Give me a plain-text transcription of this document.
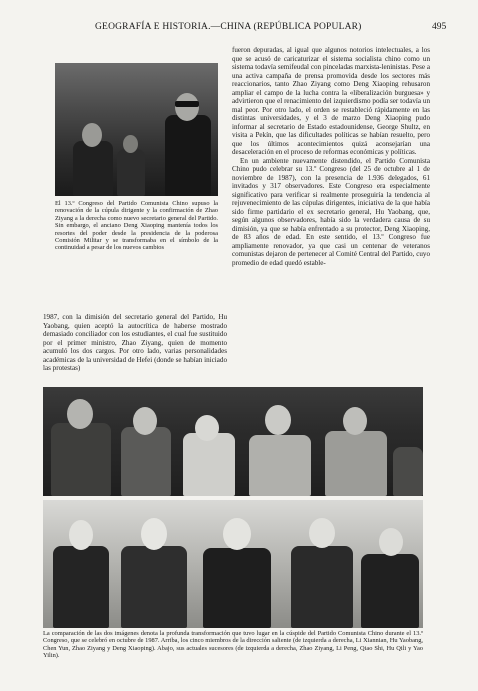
GEOGRAFÍA E HISTORIA.—CHINA (REPÚBLICA POPULAR)	495
El 13.º Congreso del Partido Comunista Chino supuso la renovación de la cúpula dirigente y la confirmación de Zhao Ziyang a la derecha como nuevo secretario general del Partido. Sin embargo, el anciano Deng Xiaoping mantenía todos los resortes del poder desde la presidencia de la poderosa Comisión Militar y se transformaba en el símbolo de la continuidad a pesar de los nuevos cambios

1987, con la dimisión del secretario general del Partido, Hu Yaobang, quien aceptó la autocrítica de haberse mostrado demasiado conciliador con los estudiantes, el cual fue sustituido por el primer ministro, Zhao Ziyang, quien de momento acumuló los dos cargos. Por otro lado, varias personalidades académicas de la universidad de Hefei (donde se habían iniciado las protestas)

fueron depuradas, al igual que algunos notorios intelectuales, a los que se acusó de caricaturizar el sistema socialista chino como un sistema todavía semifeudal con pinceladas marxista-leninistas. Pese a una activa campaña de prensa promovida desde los sectores más reaccionarios, tanto Zhao Ziyang como Deng Xiaoping rehusaron ampliar el campo de la lucha contra la «liberalización burguesa» y advirtieron que el renacimiento del izquierdismo podía ser todavía un mal peor. Por otro lado, el orden se restableció rápidamente en las distintas universidades, y el 3 de marzo Deng Xiaoping pudo informar al secretario de Estado estadounidense, George Shultz, en visita a Pekín, que las dificultades políticas se habían resuelto, pero que los últimos acontecimientos quizá aconsejarían una desaceleración en el proceso de reformas económicas y políticas.

En un ambiente nuevamente distendido, el Partido Comunista Chino pudo celebrar su 13.º Congreso (del 25 de octubre al 1 de noviembre de 1987), con la presencia de 1.936 delegados, 61 invitados y 317 observadores. Este Congreso era especialmente significativo para verificar si realmente proseguiría la tendencia al rejuvenecimiento de las cúpulas dirigentes, iniciativa de la que había sido firme partidario el ex secretario general, Hu Yaobang, que, según algunos observadores, había sido la verdadera causa de su dimisión, ya que se había enfrentado a su protector, Deng Xiaoping, de 83 años de edad. En este sentido, el 13.º Congreso fue ampliamente renovador, ya que casi un centenar de veteranos comunistas dejaron de pertenecer al Comité Central del Partido, cuyo promedio de edad quedó estable-

La comparación de las dos imágenes denota la profunda transformación que tuvo lugar en la cúspide del Partido Comunista Chino durante el 13.º Congreso, que se celebró en octubre de 1987. Arriba, los cinco miembros de la dirección saliente (de izquierda a derecha, Li Xiannian, Hu Yaobang, Chen Yun, Zhao Ziyang y Deng Xiaoping). Abajo, sus actuales sucesores (de izquierda a derecha, Zhao Ziyang, Li Peng, Qiao Shi, Hu Qili y Yao Yilin).
